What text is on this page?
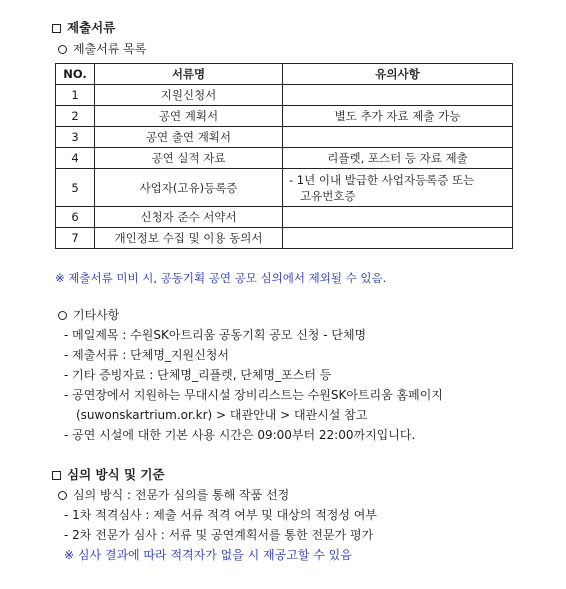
제출서류
제출서류 목록
NO.	서류명	유의사항
1	지원신청서	
2	공연 계획서	별도 추가 자료 제출 가능
3	공연 출연 계획서	
4	공연 실적 자료	리플렛, 포스터 등 자료 제출
5	사업자(고유)등록증	- 1년 이내 발급한 사업자등록증 또는
고유번호증

6	신청자 준수 서약서	
7	개인정보 수집 및 이용 동의서	
※ 제출서류 미비 시, 공동기획 공연 공모 심의에서 제외될 수 있음.
기타사항
- 메일제목 : 수원SK아트리움 공동기획 공모 신청 - 단체명
- 제출서류 : 단체명_지원신청서
- 기타 증빙자료 : 단체명_리플렛, 단체명_포스터 등
- 공연장에서 지원하는 무대시설 장비리스트는 수원SK아트리움 홈페이지
(suwonskartrium.or.kr) > 대관안내 > 대관시설 참고
- 공연 시설에 대한 기본 사용 시간은 09:00부터 22:00까지입니다.
심의 방식 및 기준
심의 방식 : 전문가 심의를 통해 작품 선정
- 1차 적격심사 : 제출 서류 적격 여부 및 대상의 적정성 여부
- 2차 전문가 심사 : 서류 및 공연계획서를 통한 전문가 평가
※ 심사 결과에 따라 적격자가 없을 시 재공고할 수 있음
